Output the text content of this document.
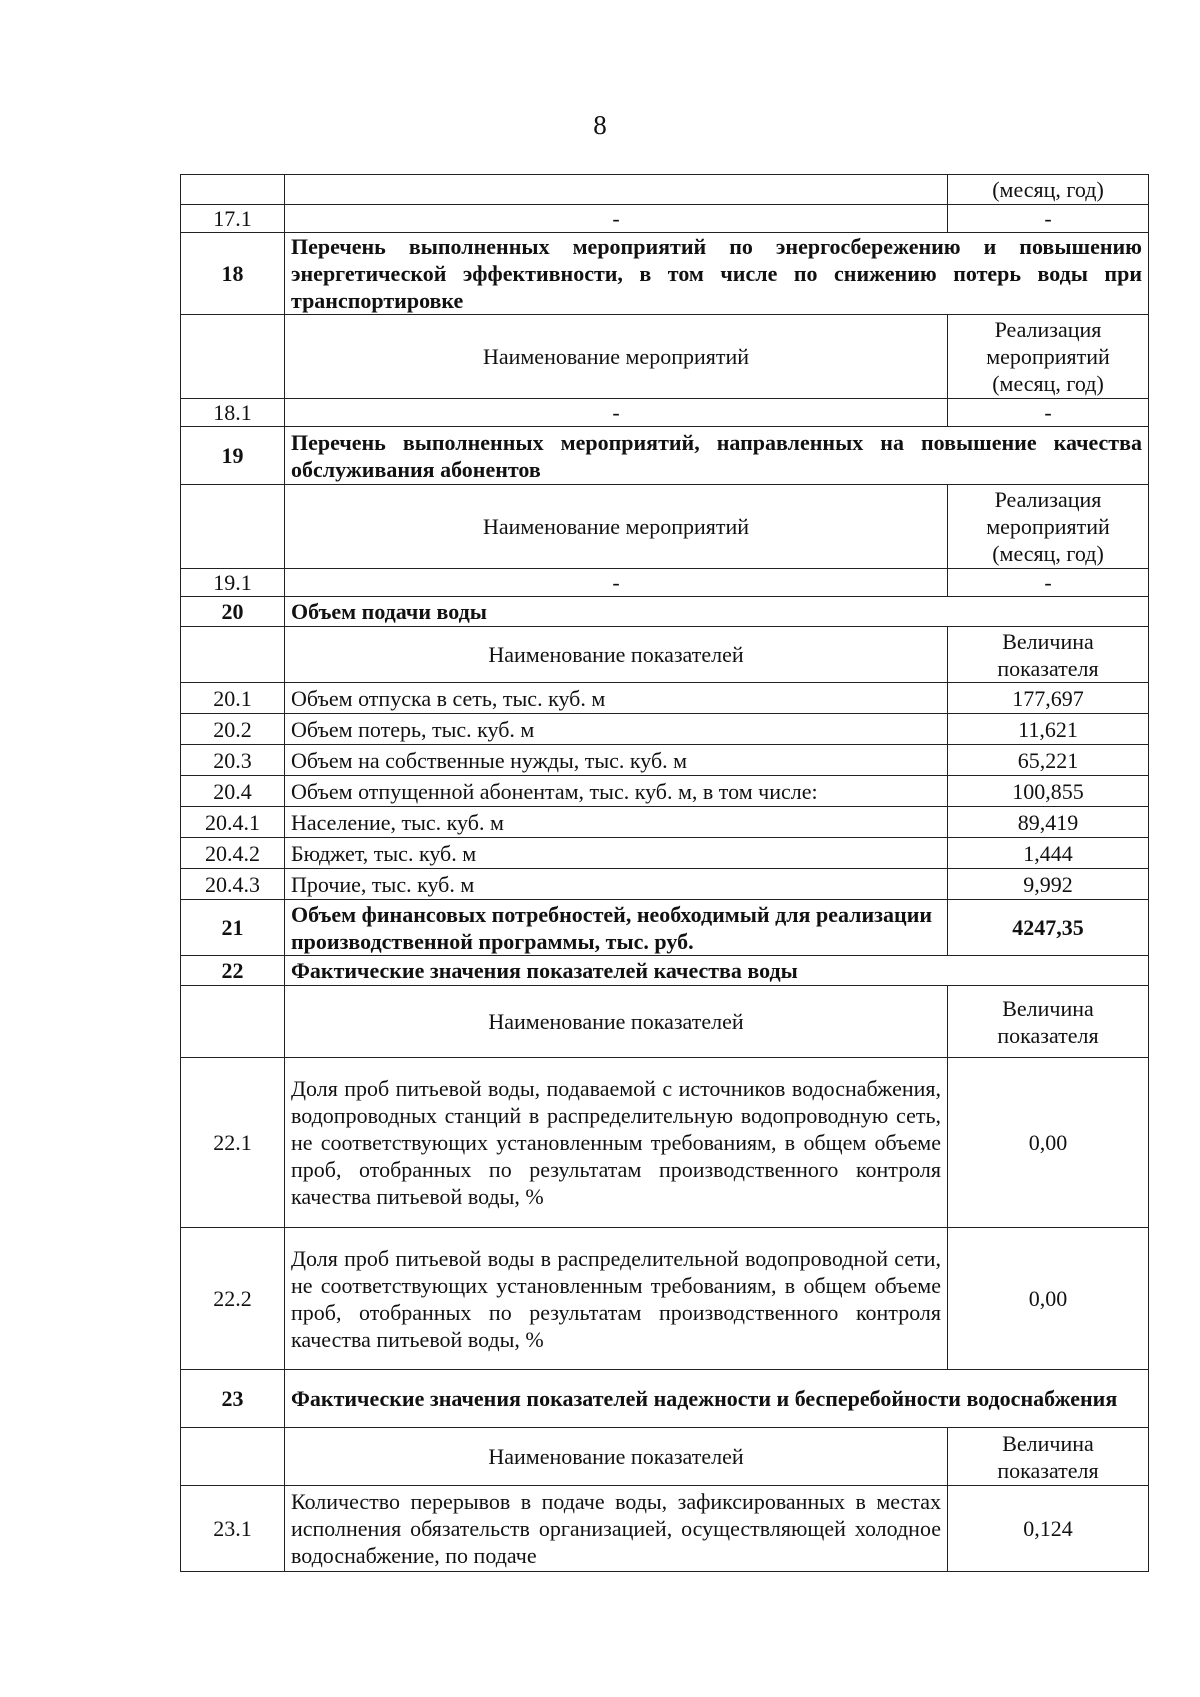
8
		(месяц, год)
17.1	-	-
18	Перечень выполненных мероприятий по энергосбережению и повышению энергетической эффективности, в том числе по снижению потерь воды при транспортировке	
	Наименование мероприятий	Реализация мероприятий (месяц, год)
18.1	-	-
19	Перечень выполненных мероприятий, направленных на повышение качества обслуживания абонентов	
	Наименование мероприятий	Реализация мероприятий (месяц, год)
19.1	-	-
20	Объем подачи воды	
	Наименование показателей	Величина показателя
20.1	Объем отпуска в сеть, тыс. куб. м	177,697
20.2	Объем потерь, тыс. куб. м	11,621
20.3	Объем на собственные нужды, тыс. куб. м	65,221
20.4	Объем отпущенной абонентам, тыс. куб. м, в том числе:	100,855
20.4.1	Население, тыс. куб. м	89,419
20.4.2	Бюджет, тыс. куб. м	1,444
20.4.3	Прочие, тыс. куб. м	9,992
21	Объем финансовых потребностей, необходимый для реализации производственной программы, тыс. руб.	4247,35
22	Фактические значения показателей качества воды	
	Наименование показателей	Величина показателя
22.1	Доля проб питьевой воды, подаваемой с источников водоснабжения, водопроводных станций в распределительную водопроводную сеть, не соответствующих установленным требованиям, в общем объеме проб, отобранных по результатам производственного контроля качества питьевой воды, %	0,00
22.2	Доля проб питьевой воды в распределительной водопроводной сети, не соответствующих установленным требованиям, в общем объеме проб, отобранных по результатам производственного контроля качества питьевой воды, %	0,00
23	Фактические значения показателей надежности и бесперебойности водоснабжения	
	Наименование показателей	Величина показателя
23.1	Количество перерывов в подаче воды, зафиксированных в местах исполнения обязательств организацией, осуществляющей холодное водоснабжение, по подаче	0,124
